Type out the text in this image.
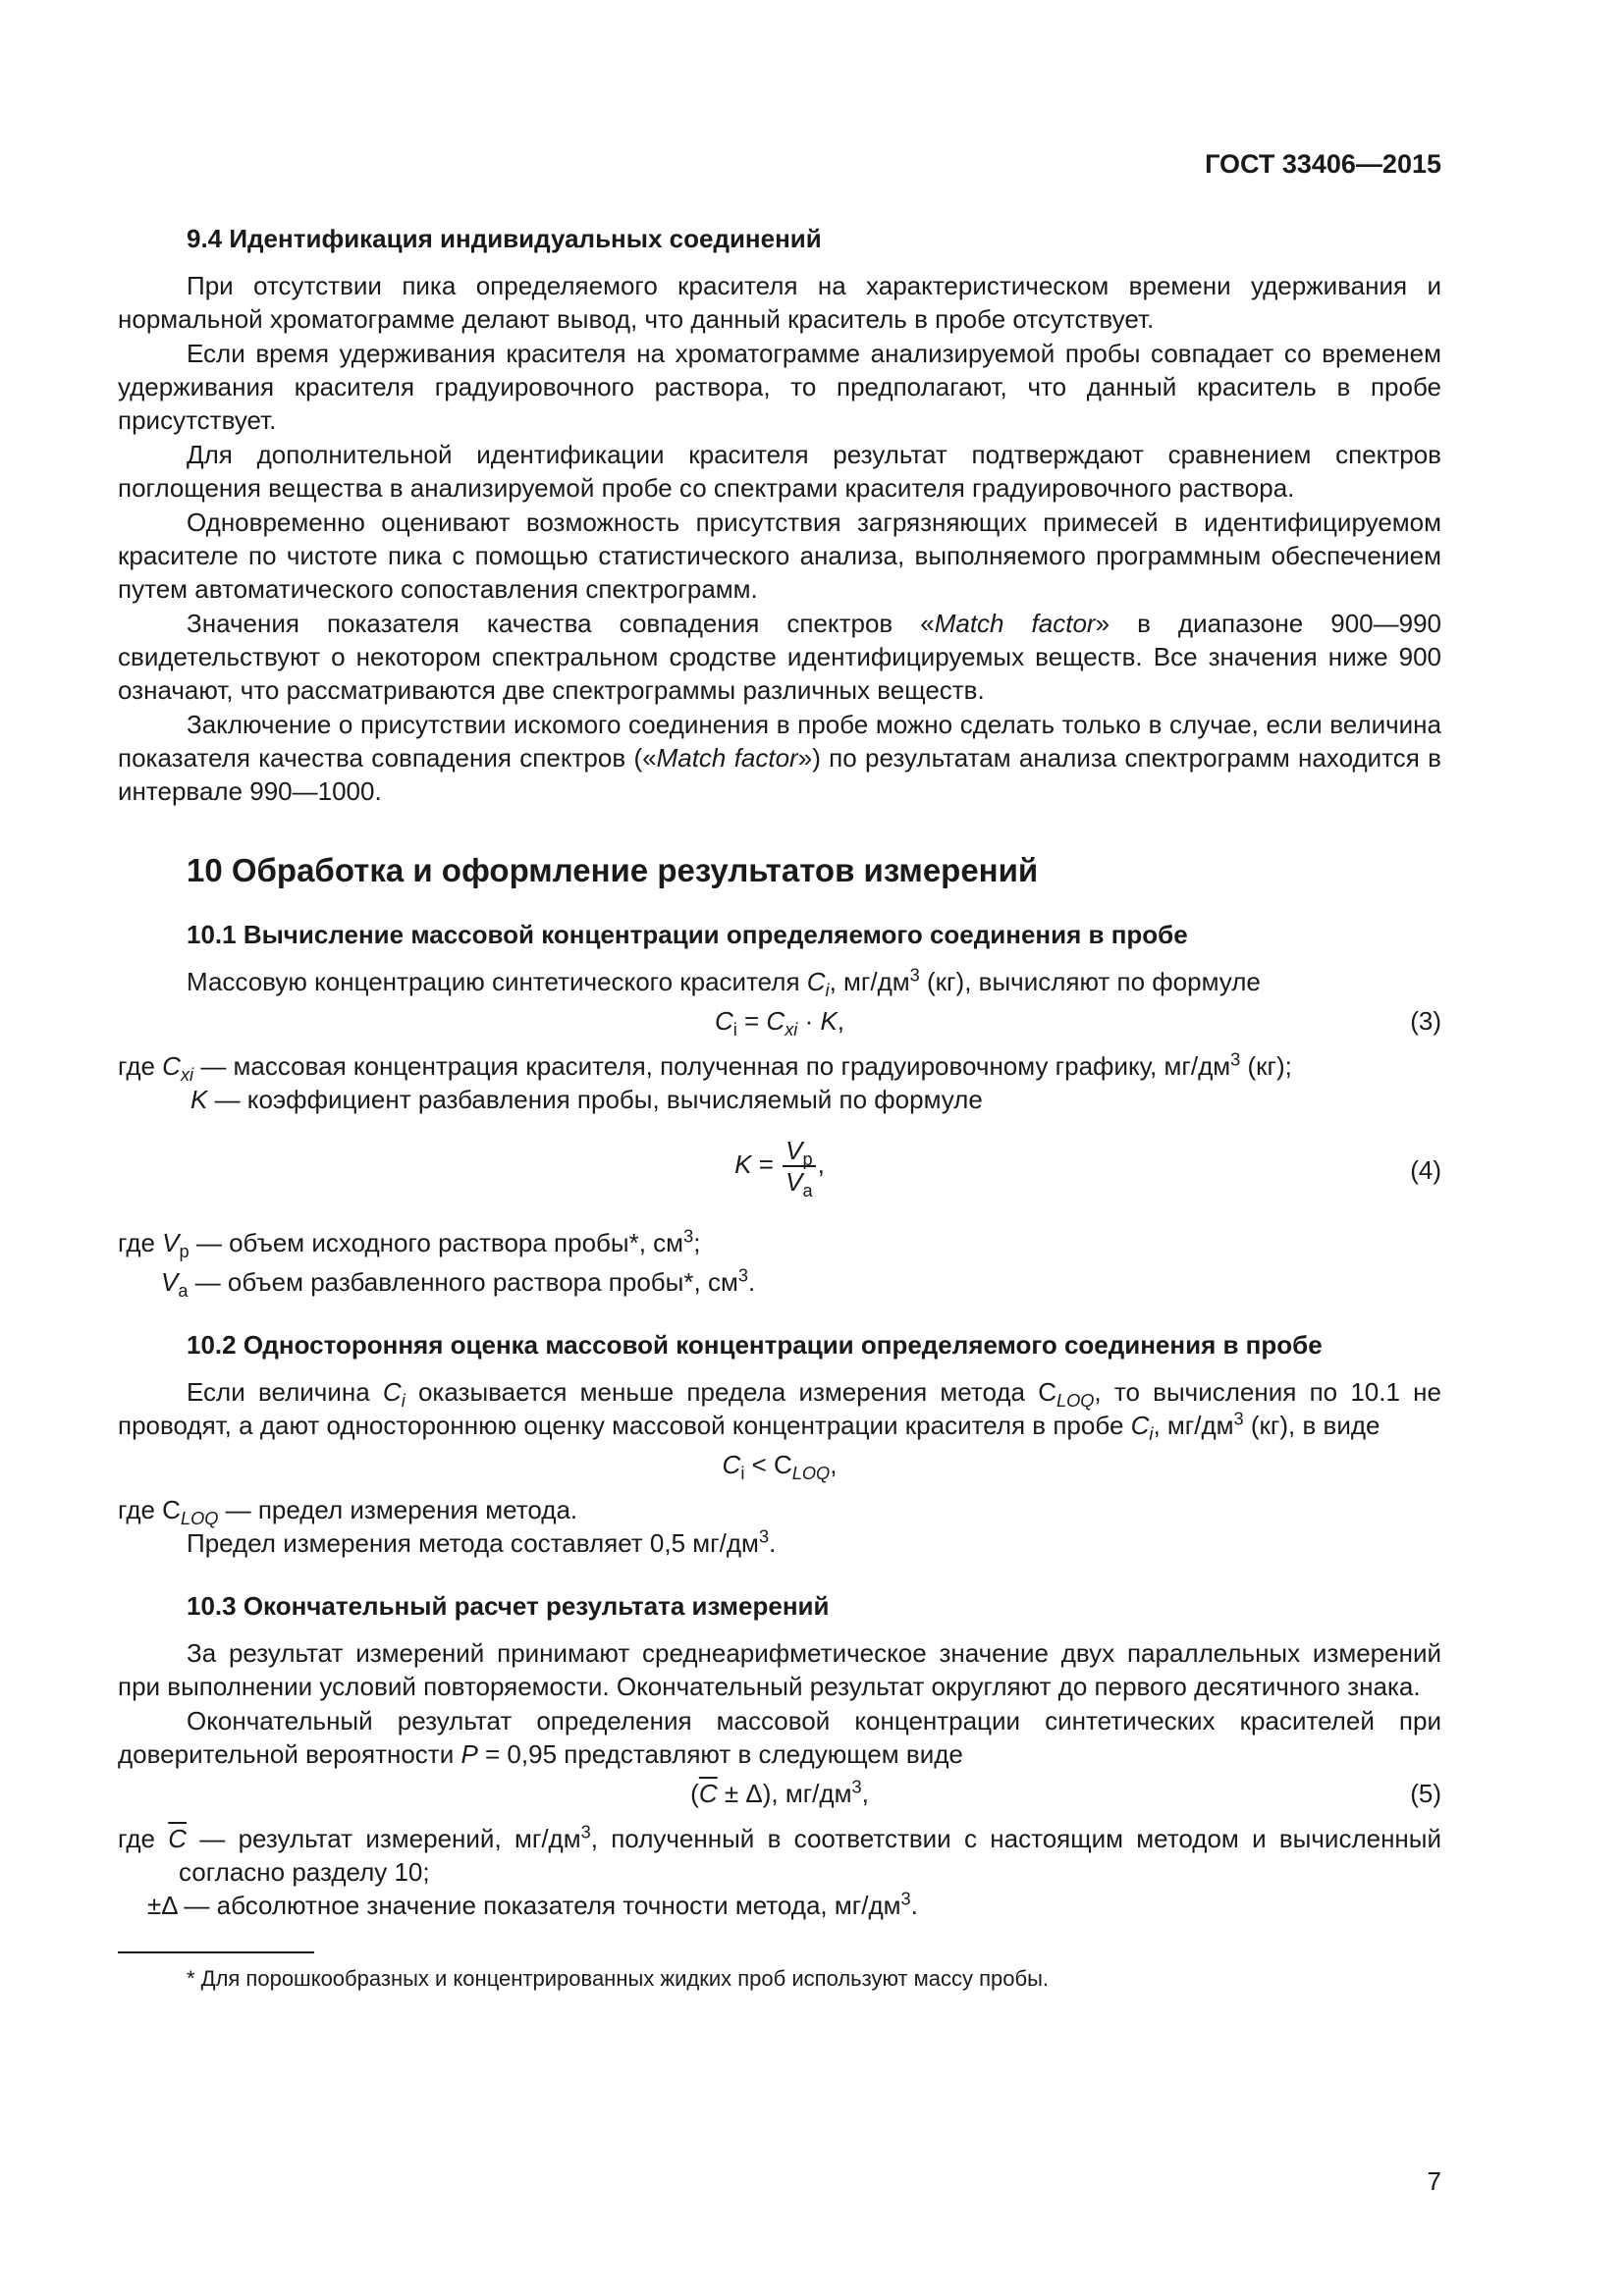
ГОСТ 33406—2015
9.4 Идентификация индивидуальных соединений

При отсутствии пика определяемого красителя на характеристическом времени удерживания и нормальной хроматограмме делают вывод, что данный краситель в пробе отсутствует.

Если время удерживания красителя на хроматограмме анализируемой пробы совпадает со временем удерживания красителя градуировочного раствора, то предполагают, что данный краситель в пробе присутствует.

Для дополнительной идентификации красителя результат подтверждают сравнением спектров поглощения вещества в анализируемой пробе со спектрами красителя градуировочного раствора.

Одновременно оценивают возможность присутствия загрязняющих примесей в идентифицируемом красителе по чистоте пика с помощью статистического анализа, выполняемого программным обеспечением путем автоматического сопоставления спектрограмм.

Значения показателя качества совпадения спектров «Match factor» в диапазоне 900—990 свидетельствуют о некотором спектральном сродстве идентифицируемых веществ. Все значения ниже 900 означают, что рассматриваются две спектрограммы различных веществ.

Заключение о присутствии искомого соединения в пробе можно сделать только в случае, если величина показателя качества совпадения спектров («Match factor») по результатам анализа спектрограмм находится в интервале 990—1000.

10 Обработка и оформление результатов измерений
10.1 Вычисление массовой концентрации определяемого соединения в пробе

Массовую концентрацию синтетического красителя $C_i$, $мг/дм^3$ (кг), вычисляют по формуле

$C_i = C_{xi} \cdot K$,	(3)
где $C_{xi}$ — массовая концентрация красителя, полученная по градуировочному графику, $мг/дм^3$ (кг);
K — коэффициент разбавления пробы, вычисляемый по формуле
$K = \frac{V_p}{V_a}$ ,	(4)
где $V_p$ — объем исходного раствора пробы*, $см^3$;
$V_a$ — объем разбавленного раствора пробы*, $см^3$.
10.2 Односторонняя оценка массовой концентрации определяемого соединения в пробе

Если величина $C_i$ оказывается меньше предела измерения метода $C_{LOQ}$, то вычисления по 10.1 не проводят, а дают одностороннюю оценку массовой концентрации красителя в пробе $C_i$, $мг/дм^3$ (кг), в виде

$C_i < C_{LOQ}$,
где $C_{LOQ}$ — предел измерения метода.
Предел измерения метода составляет 0,5 $мг/дм^3$.
10.3 Окончательный расчет результата измерений

За результат измерений принимают среднеарифметическое значение двух параллельных измерений при выполнении условий повторяемости. Окончательный результат округляют до первого десятичного знака.

Окончательный результат определения массовой концентрации синтетических красителей при доверительной вероятности P = 0,95 представляют в следующем виде

$(\overline{C} \pm \Delta)$, $мг/дм^3$,	(5)
где $\overline{C}$ — результат измерений, $мг/дм^3$, полученный в соответствии с настоящим методом и вычисленный согласно разделу 10;
±Δ — абсолютное значение показателя точности метода, $мг/дм^3$.
* Для порошкообразных и концентрированных жидких проб используют массу пробы.
7
